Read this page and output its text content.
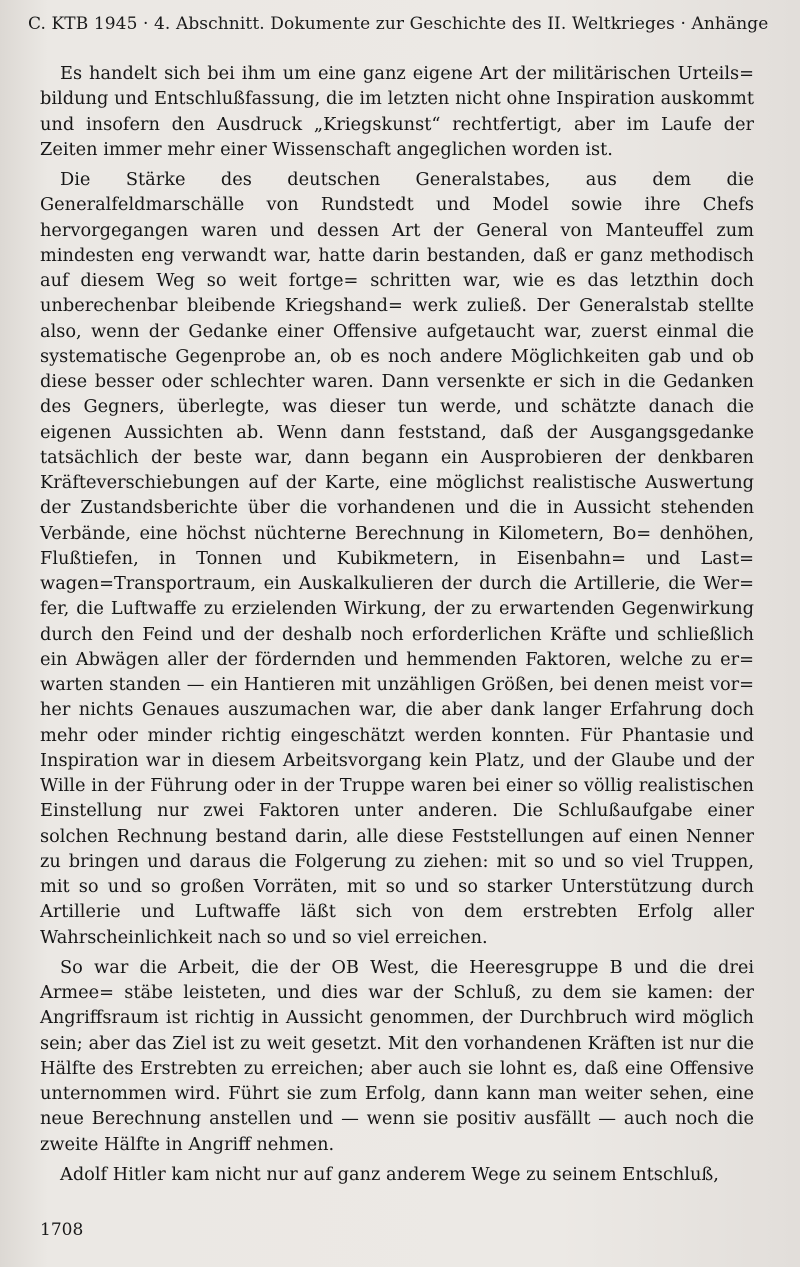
C. KTB 1945 · 4. Abschnitt. Dokumente zur Geschichte des II. Weltkrieges · Anhänge

Es handelt sich bei ihm um eine ganz eigene Art der militärischen Urteils= bildung und Entschlußfassung, die im letzten nicht ohne Inspiration auskommt und insofern den Ausdruck „Kriegskunst“ rechtfertigt, aber im Laufe der Zeiten immer mehr einer Wissenschaft angeglichen worden ist.

Die Stärke des deutschen Generalstabes, aus dem die Generalfeldmarschälle von Rundstedt und Model sowie ihre Chefs hervorgegangen waren und dessen Art der General von Manteuffel zum mindesten eng verwandt war, hatte darin bestanden, daß er ganz methodisch auf diesem Weg so weit fortge= schritten war, wie es das letzthin doch unberechenbar bleibende Kriegshand= werk zuließ. Der Generalstab stellte also, wenn der Gedanke einer Offensive aufgetaucht war, zuerst einmal die systematische Gegenprobe an, ob es noch andere Möglichkeiten gab und ob diese besser oder schlechter waren. Dann versenkte er sich in die Gedanken des Gegners, überlegte, was dieser tun werde, und schätzte danach die eigenen Aussichten ab. Wenn dann feststand, daß der Ausgangsgedanke tatsächlich der beste war, dann begann ein Ausprobieren der denkbaren Kräfteverschiebungen auf der Karte, eine möglichst realistische Auswertung der Zustandsberichte über die vorhandenen und die in Aussicht stehenden Verbände, eine höchst nüchterne Berechnung in Kilometern, Bo= denhöhen, Flußtiefen, in Tonnen und Kubikmetern, in Eisenbahn= und Last= wagen=Transportraum, ein Auskalkulieren der durch die Artillerie, die Wer= fer, die Luftwaffe zu erzielenden Wirkung, der zu erwartenden Gegenwirkung durch den Feind und der deshalb noch erforderlichen Kräfte und schließlich ein Abwägen aller der fördernden und hemmenden Faktoren, welche zu er= warten standen — ein Hantieren mit unzähligen Größen, bei denen meist vor= her nichts Genaues auszumachen war, die aber dank langer Erfahrung doch mehr oder minder richtig eingeschätzt werden konnten. Für Phantasie und Inspiration war in diesem Arbeitsvorgang kein Platz, und der Glaube und der Wille in der Führung oder in der Truppe waren bei einer so völlig realistischen Einstellung nur zwei Faktoren unter anderen. Die Schlußaufgabe einer solchen Rechnung bestand darin, alle diese Feststellungen auf einen Nenner zu bringen und daraus die Folgerung zu ziehen: mit so und so viel Truppen, mit so und so großen Vorräten, mit so und so starker Unterstützung durch Artillerie und Luftwaffe läßt sich von dem erstrebten Erfolg aller Wahrscheinlichkeit nach so und so viel erreichen.

So war die Arbeit, die der OB West, die Heeresgruppe B und die drei Armee= stäbe leisteten, und dies war der Schluß, zu dem sie kamen: der Angriffsraum ist richtig in Aussicht genommen, der Durchbruch wird möglich sein; aber das Ziel ist zu weit gesetzt. Mit den vorhandenen Kräften ist nur die Hälfte des Erstrebten zu erreichen; aber auch sie lohnt es, daß eine Offensive unternommen wird. Führt sie zum Erfolg, dann kann man weiter sehen, eine neue Berechnung anstellen und — wenn sie positiv ausfällt — auch noch die zweite Hälfte in Angriff nehmen.

Adolf Hitler kam nicht nur auf ganz anderem Wege zu seinem Entschluß,

1708
